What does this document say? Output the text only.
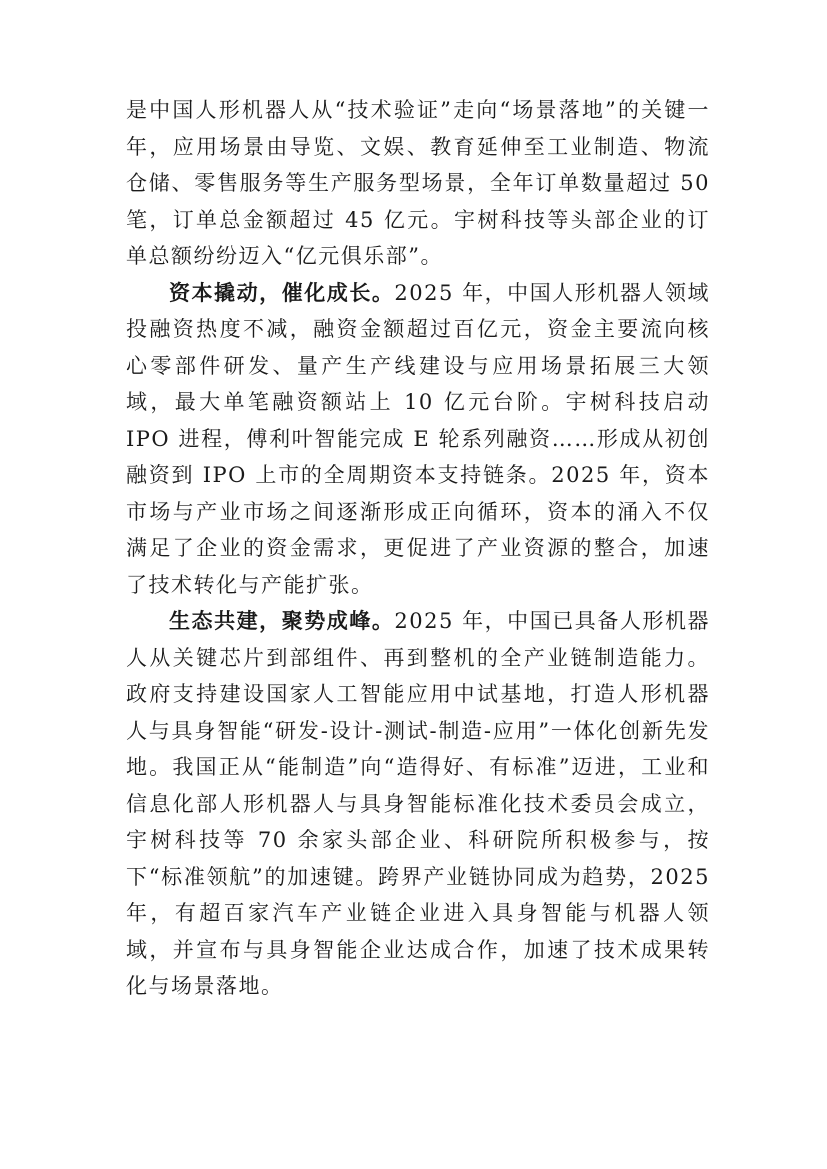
是中国人形机器人从“技术验证”走向“场景落地”的关键一年，应用场景由导览、文娱、教育延伸至工业制造、物流仓储、零售服务等生产服务型场景，全年订单数量超过 50 笔，订单总金额超过 45 亿元。宇树科技等头部企业的订单总额纷纷迈入“亿元俱乐部”。

资本撬动，催化成长。2025 年，中国人形机器人领域投融资热度不减，融资金额超过百亿元，资金主要流向核心零部件研发、量产生产线建设与应用场景拓展三大领域，最大单笔融资额站上 10 亿元台阶。宇树科技启动 IPO 进程，傅利叶智能完成 E 轮系列融资……形成从初创融资到 IPO 上市的全周期资本支持链条。2025 年，资本市场与产业市场之间逐渐形成正向循环，资本的涌入不仅满足了企业的资金需求，更促进了产业资源的整合，加速了技术转化与产能扩张。

生态共建，聚势成峰。2025 年，中国已具备人形机器人从关键芯片到部组件、再到整机的全产业链制造能力。政府支持建设国家人工智能应用中试基地，打造人形机器人与具身智能“研发-设计-测试-制造-应用”一体化创新先发地。我国正从“能制造”向“造得好、有标准”迈进，工业和信息化部人形机器人与具身智能标准化技术委员会成立，宇树科技等 70 余家头部企业、科研院所积极参与，按下“标准领航”的加速键。跨界产业链协同成为趋势，2025 年，有超百家汽车产业链企业进入具身智能与机器人领域，并宣布与具身智能企业达成合作，加速了技术成果转化与场景落地。
